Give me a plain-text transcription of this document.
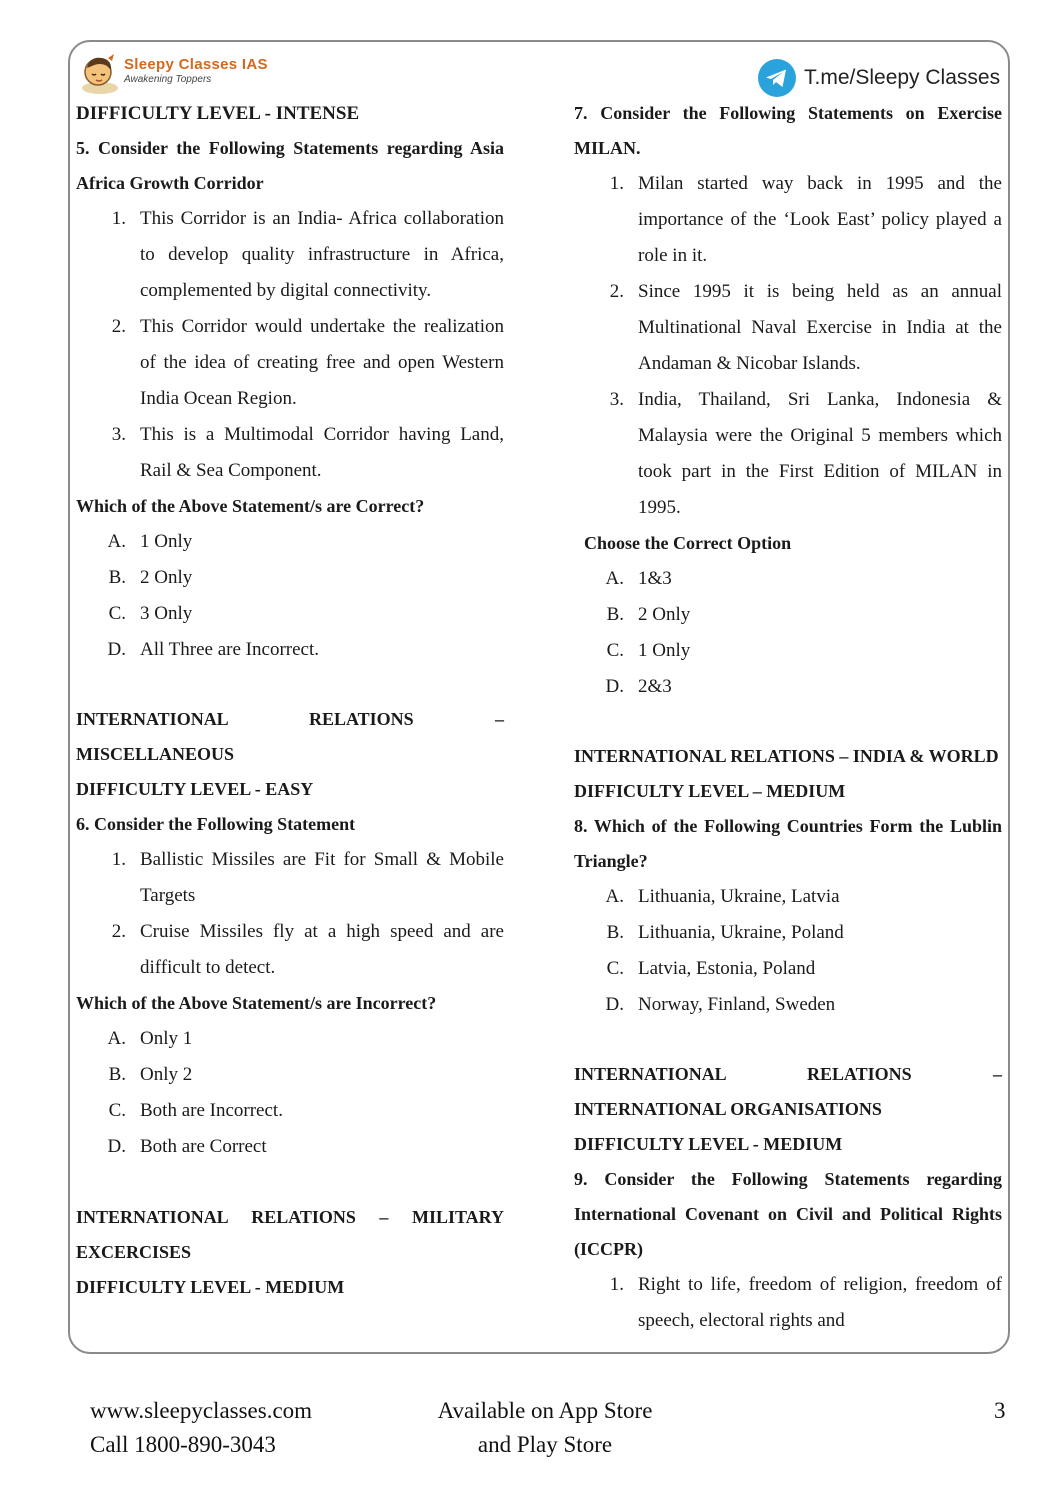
Sleepy Classes IAS
Awakening Toppers	T.me/Sleepy Classes
DIFFICULTY LEVEL - INTENSE
5. Consider the Following Statements regarding Asia Africa Growth Corridor
1. This Corridor is an India- Africa collaboration to develop quality infrastructure in Africa, complemented by digital connectivity.
2. This Corridor would undertake the realization of the idea of creating free and open Western India Ocean Region.
3. This is a Multimodal Corridor having Land, Rail & Sea Component.
Which of the Above Statement/s are Correct?
A. 1 Only
B. 2 Only
C. 3 Only
D. All Three are Incorrect.
INTERNATIONAL RELATIONS –
MISCELLANEOUS
DIFFICULTY LEVEL - EASY
6. Consider the Following Statement
1. Ballistic Missiles are Fit for Small & Mobile Targets
2. Cruise Missiles fly at a high speed and are difficult to detect.
Which of the Above Statement/s are Incorrect?
A. Only 1
B. Only 2
C. Both are Incorrect.
D. Both are Correct
INTERNATIONAL RELATIONS – MILITARY EXCERCISES
DIFFICULTY LEVEL - MEDIUM
7. Consider the Following Statements on Exercise MILAN.
1. Milan started way back in 1995 and the importance of the ‘Look East’ policy played a role in it.
2. Since 1995 it is being held as an annual Multinational Naval Exercise in India at the Andaman & Nicobar Islands.
3. India, Thailand, Sri Lanka, Indonesia & Malaysia were the Original 5 members which took part in the First Edition of MILAN in 1995.
Choose the Correct Option
A. 1&3
B. 2 Only
C. 1 Only
D. 2&3
INTERNATIONAL RELATIONS – INDIA & WORLD
DIFFICULTY LEVEL – MEDIUM
8. Which of the Following Countries Form the Lublin Triangle?
A. Lithuania, Ukraine, Latvia
B. Lithuania, Ukraine, Poland
C. Latvia, Estonia, Poland
D. Norway, Finland, Sweden
INTERNATIONAL RELATIONS –
INTERNATIONAL ORGANISATIONS
DIFFICULTY LEVEL - MEDIUM
9. Consider the Following Statements regarding International Covenant on Civil and Political Rights (ICCPR)
1. Right to life, freedom of religion, freedom of speech, electoral rights and
www.sleepyclasses.com
Call 1800-890-3043
Available on App Store
and Play Store
3
